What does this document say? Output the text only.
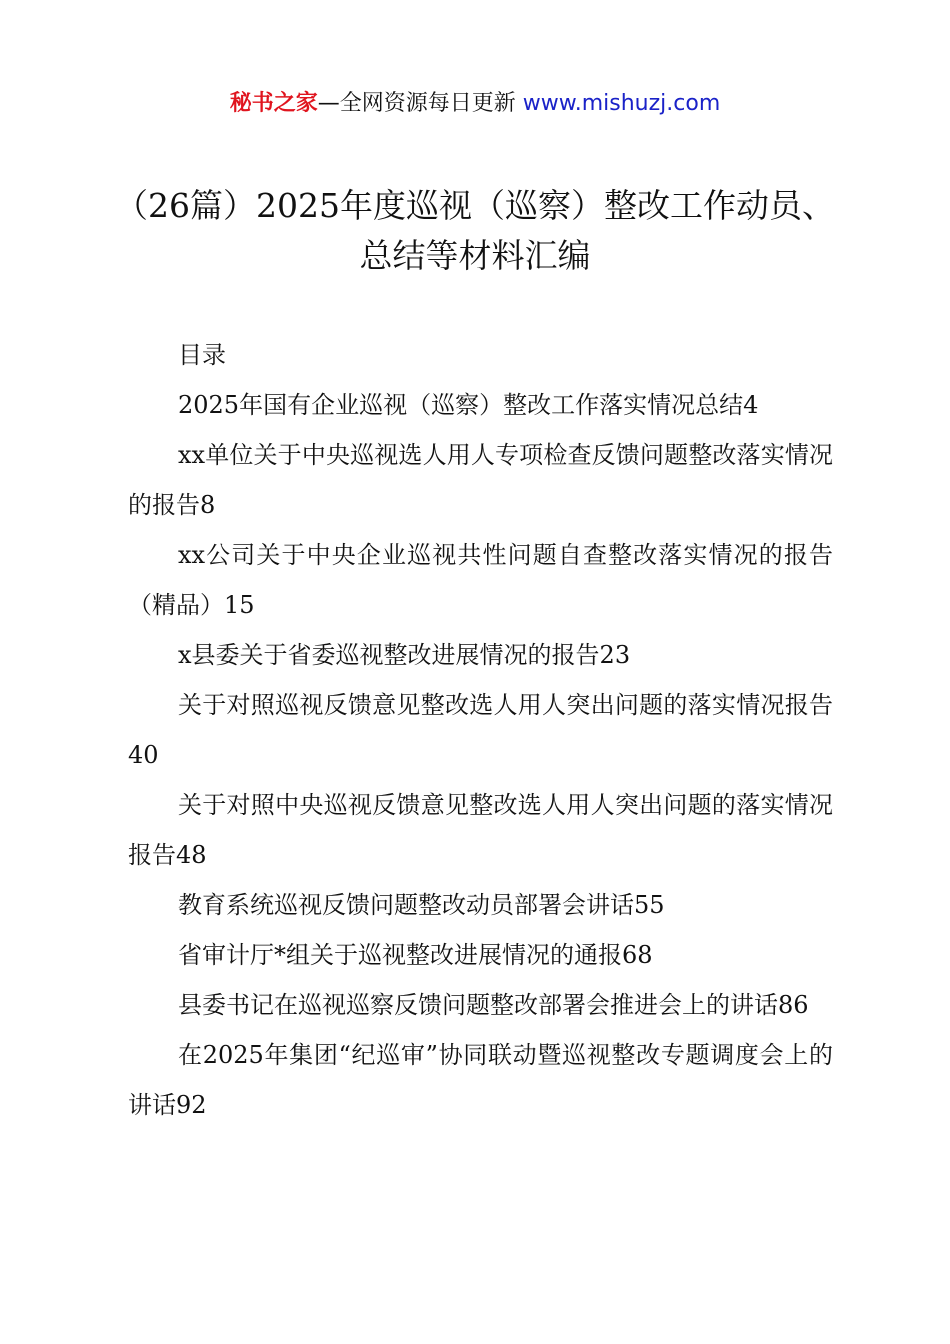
秘书之家—全网资源每日更新 www.mishuzj.com
（26篇）2025年度巡视（巡察）整改工作动员、总结等材料汇编

目录

2025年国有企业巡视（巡察）整改工作落实情况总结4

xx单位关于中央巡视选人用人专项检查反馈问题整改落实情况的报告8

xx公司关于中央企业巡视共性问题自查整改落实情况的报告（精品）15

x县委关于省委巡视整改进展情况的报告23

关于对照巡视反馈意见整改选人用人突出问题的落实情况报告40

关于对照中央巡视反馈意见整改选人用人突出问题的落实情况报告48

教育系统巡视反馈问题整改动员部署会讲话55

省审计厅*组关于巡视整改进展情况的通报68

县委书记在巡视巡察反馈问题整改部署会推进会上的讲话86

在2025年集团“纪巡审”协同联动暨巡视整改专题调度会上的讲话92
